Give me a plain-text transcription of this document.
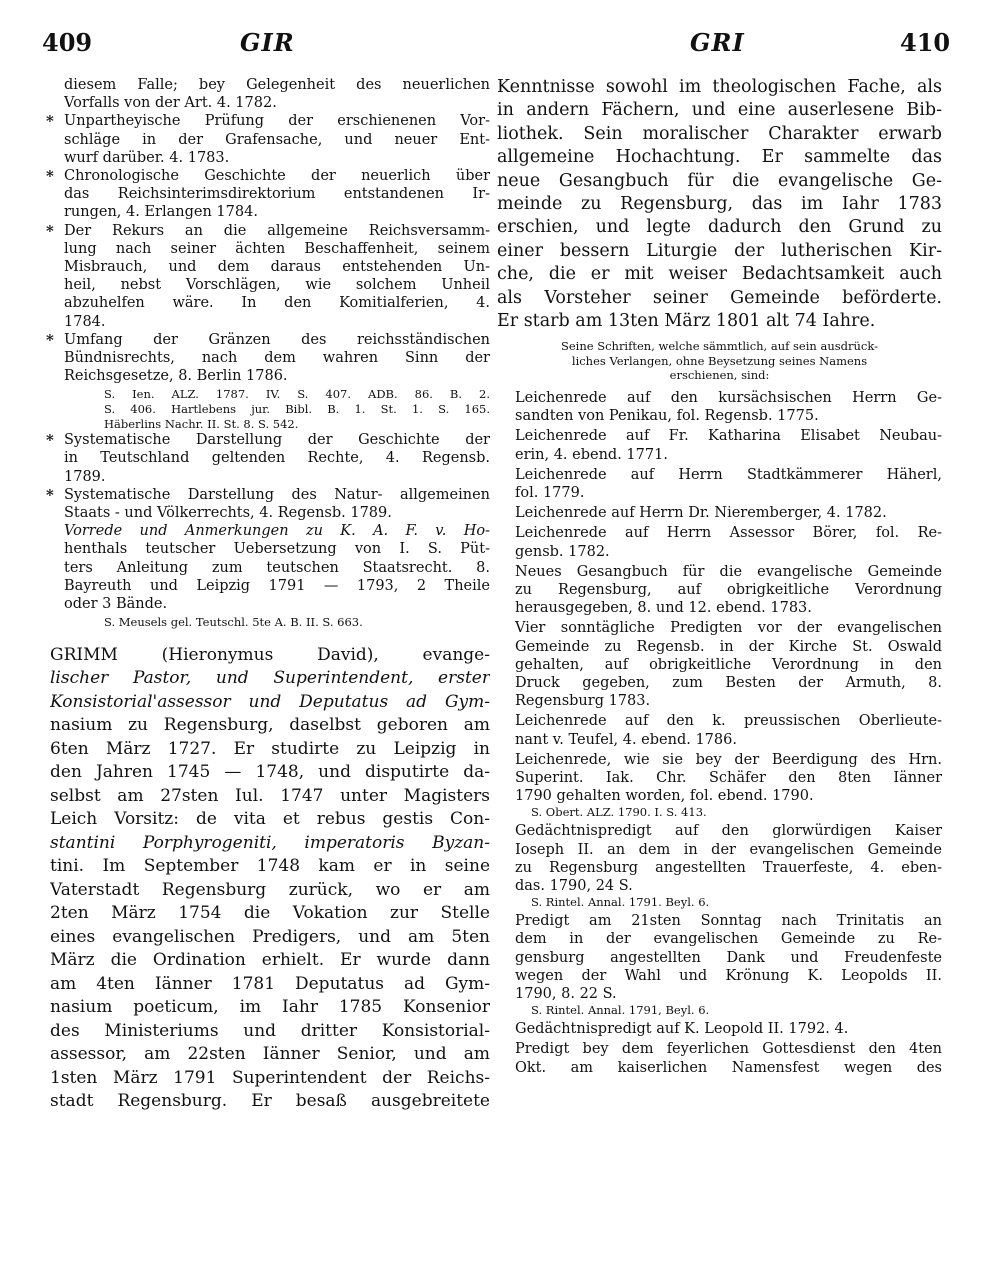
409	GIR	GRI	410
diesem Falle; bey Gelegenheit des neuerlichen
Vorfalls von der Art. 4. 1782.
* Unpartheyische Prüfung der erschienenen Vor-
schläge in der Grafensache, und neuer Ent-
wurf darüber. 4. 1783.
* Chronologische Geschichte der neuerlich über
das Reichsinterimsdirektorium entstandenen Ir-
rungen, 4. Erlangen 1784.
* Der Rekurs an die allgemeine Reichsversamm-
lung nach seiner ächten Beschaffenheit, seinem
Misbrauch, und dem daraus entstehenden Un-
heil, nebst Vorschlägen, wie solchem Unheil
abzuhelfen wäre. In den Komitialferien, 4.
1784.
* Umfang der Gränzen des reichsständischen
Bündnisrechts, nach dem wahren Sinn der
Reichsgesetze, 8. Berlin 1786.
S. Ien. ALZ. 1787. IV. S. 407. ADB. 86. B. 2.
S. 406. Hartlebens jur. Bibl. B. 1. St. 1. S. 165.
Häberlins Nachr. II. St. 8. S. 542.
* Systematische Darstellung der Geschichte der
in Teutschland geltenden Rechte, 4. Regensb.
1789.
* Systematische Darstellung des Natur- allgemeinen
Staats - und Völkerrechts, 4. Regensb. 1789.
Vorrede und Anmerkungen zu K. A. F. v. Ho-
henthals teutscher Uebersetzung von I. S. Püt-
ters Anleitung zum teutschen Staatsrecht. 8.
Bayreuth und Leipzig 1791 — 1793, 2 Theile
oder 3 Bände.
S. Meusels gel. Teutschl. 5te A. B. II. S. 663.
GRIMM (Hieronymus David), evange-
lischer Pastor, und Superintendent, erster
Konsistorial'assessor und Deputatus ad Gym-
nasium zu Regensburg, daselbst geboren am
6ten März 1727. Er studirte zu Leipzig in
den Jahren 1745 — 1748, und disputirte da-
selbst am 27sten Iul. 1747 unter Magisters
Leich Vorsitz: de vita et rebus gestis Con-
stantini Porphyrogeniti, imperatoris Byzan-
tini. Im September 1748 kam er in seine
Vaterstadt Regensburg zurück, wo er am
2ten März 1754 die Vokation zur Stelle
eines evangelischen Predigers, und am 5ten
März die Ordination erhielt. Er wurde dann
am 4ten Iänner 1781 Deputatus ad Gym-
nasium poeticum, im Iahr 1785 Konsenior
des Ministeriums und dritter Konsistorial-
assessor, am 22sten Iänner Senior, und am
1sten März 1791 Superintendent der Reichs-
stadt Regensburg. Er besaß ausgebreitete
Kenntnisse sowohl im theologischen Fache, als
in andern Fächern, und eine auserlesene Bib-
liothek. Sein moralischer Charakter erwarb
allgemeine Hochachtung. Er sammelte das
neue Gesangbuch für die evangelische Ge-
meinde zu Regensburg, das im Iahr 1783
erschien, und legte dadurch den Grund zu
einer bessern Liturgie der lutherischen Kir-
che, die er mit weiser Bedachtsamkeit auch
als Vorsteher seiner Gemeinde beförderte.
Er starb am 13ten März 1801 alt 74 Iahre.
Seine Schriften, welche sämmtlich, auf sein ausdrück-
liches Verlangen, ohne Beysetzung seines Namens
erschienen, sind:
Leichenrede auf den kursächsischen Herrn Ge-
sandten von Penikau, fol. Regensb. 1775.
Leichenrede auf Fr. Katharina Elisabet Neubau-
erin, 4. ebend. 1771.
Leichenrede auf Herrn Stadtkämmerer Häherl,
fol. 1779.
Leichenrede auf Herrn Dr. Nieremberger, 4. 1782.
Leichenrede auf Herrn Assessor Börer, fol. Re-
gensb. 1782.
Neues Gesangbuch für die evangelische Gemeinde
zu Regensburg, auf obrigkeitliche Verordnung
herausgegeben, 8. und 12. ebend. 1783.
Vier sonntägliche Predigten vor der evangelischen
Gemeinde zu Regensb. in der Kirche St. Oswald
gehalten, auf obrigkeitliche Verordnung in den
Druck gegeben, zum Besten der Armuth, 8.
Regensburg 1783.
Leichenrede auf den k. preussischen Oberlieute-
nant v. Teufel, 4. ebend. 1786.
Leichenrede, wie sie bey der Beerdigung des Hrn.
Superint. Iak. Chr. Schäfer den 8ten Iänner
1790 gehalten worden, fol. ebend. 1790.
S. Obert. ALZ. 1790. I. S. 413.
Gedächtnispredigt auf den glorwürdigen Kaiser
Ioseph II. an dem in der evangelischen Gemeinde
zu Regensburg angestellten Trauerfeste, 4. eben-
das. 1790, 24 S.
S. Rintel. Annal. 1791. Beyl. 6.
Predigt am 21sten Sonntag nach Trinitatis an
dem in der evangelischen Gemeinde zu Re-
gensburg angestellten Dank und Freudenfeste
wegen der Wahl und Krönung K. Leopolds II.
1790, 8. 22 S.
S. Rintel. Annal. 1791, Beyl. 6.
Gedächtnispredigt auf K. Leopold II. 1792. 4.
Predigt bey dem feyerlichen Gottesdienst den 4ten
Okt. am kaiserlichen Namensfest wegen des
